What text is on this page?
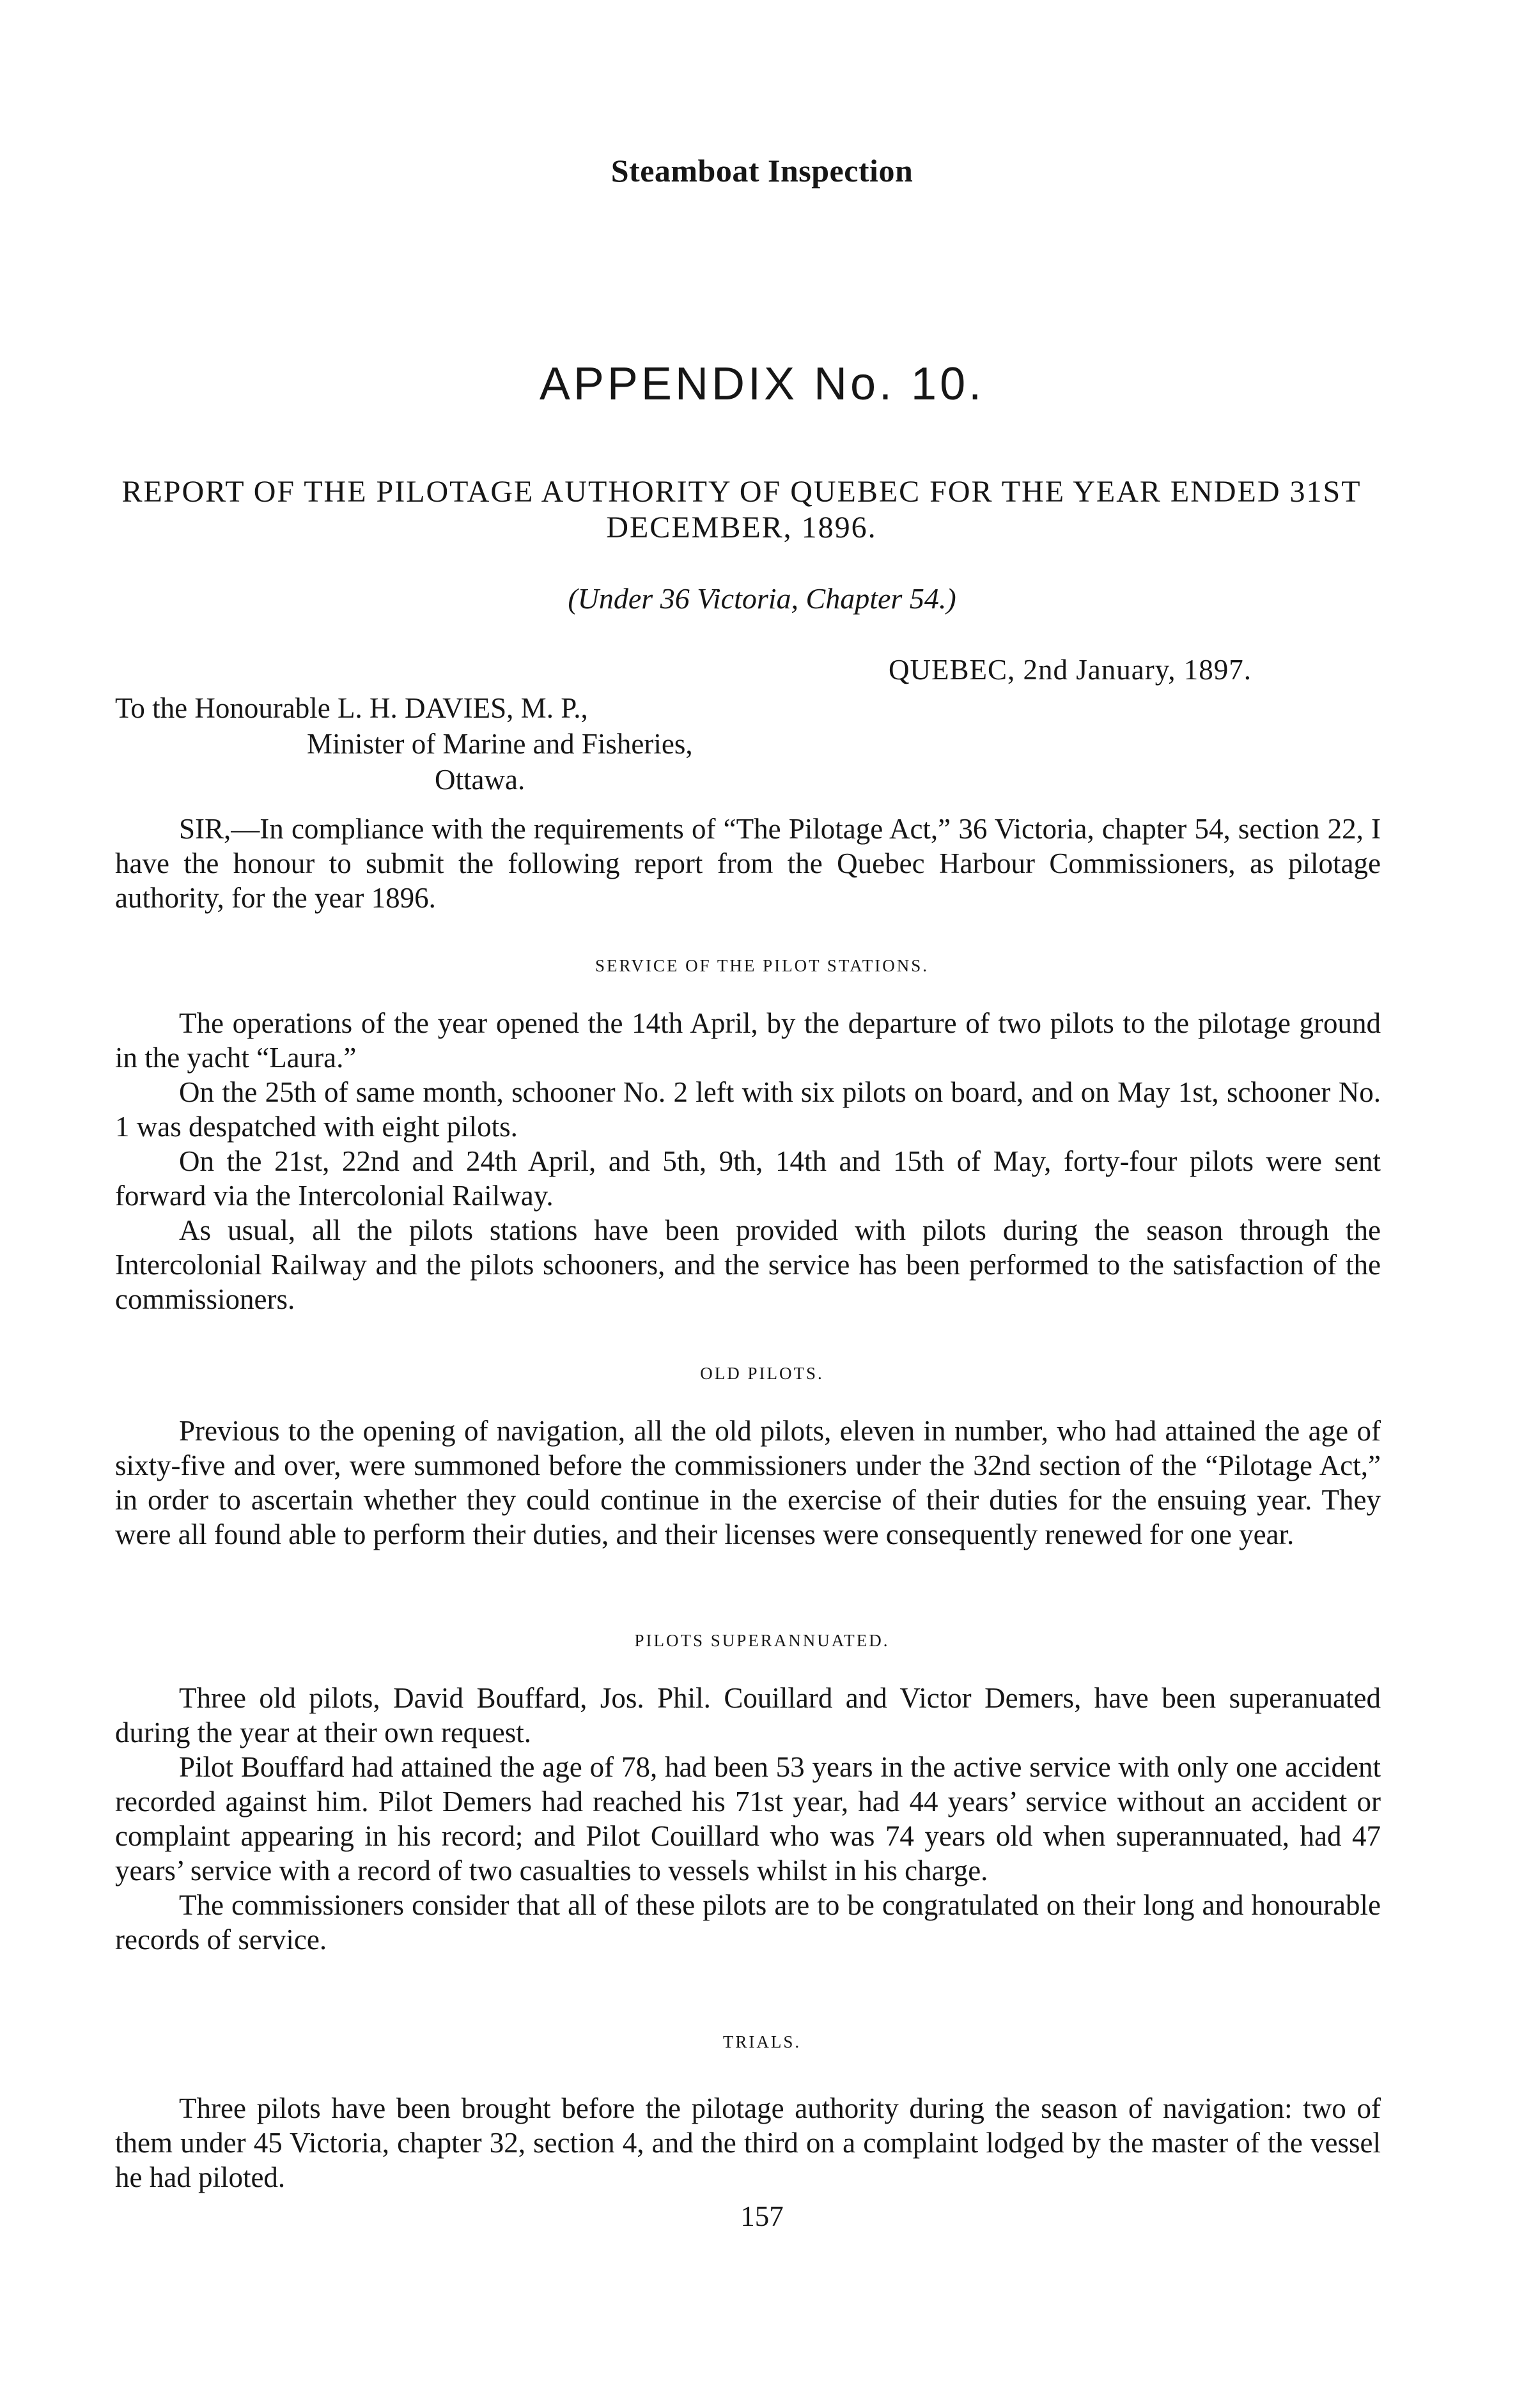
Steamboat Inspection

APPENDIX No. 10.

REPORT OF THE PILOTAGE AUTHORITY OF QUEBEC FOR THE YEAR ENDED 31ST DECEMBER, 1896.

(Under 36 Victoria, Chapter 54.)

QUEBEC, 2nd January, 1897.

To the Honourable L. H. DAVIES, M. P.,
Minister of Marine and Fisheries,
Ottawa.

SIR,—In compliance with the requirements of “The Pilotage Act,” 36 Victoria, chapter 54, section 22, I have the honour to submit the following report from the Quebec Harbour Commissioners, as pilotage authority, for the year 1896.

SERVICE OF THE PILOT STATIONS.

The operations of the year opened the 14th April, by the departure of two pilots to the pilotage ground in the yacht “Laura.”

On the 25th of same month, schooner No. 2 left with six pilots on board, and on May 1st, schooner No. 1 was despatched with eight pilots.

On the 21st, 22nd and 24th April, and 5th, 9th, 14th and 15th of May, forty-four pilots were sent forward via the Intercolonial Railway.

As usual, all the pilots stations have been provided with pilots during the season through the Intercolonial Railway and the pilots schooners, and the service has been performed to the satisfaction of the commissioners.

OLD PILOTS.

Previous to the opening of navigation, all the old pilots, eleven in number, who had attained the age of sixty-five and over, were summoned before the commissioners under the 32nd section of the “Pilotage Act,” in order to ascertain whether they could continue in the exercise of their duties for the ensuing year. They were all found able to perform their duties, and their licenses were consequently renewed for one year.

PILOTS SUPERANNUATED.

Three old pilots, David Bouffard, Jos. Phil. Couillard and Victor Demers, have been superanuated during the year at their own request.

Pilot Bouffard had attained the age of 78, had been 53 years in the active service with only one accident recorded against him. Pilot Demers had reached his 71st year, had 44 years’ service without an accident or complaint appearing in his record; and Pilot Couillard who was 74 years old when superannuated, had 47 years’ service with a record of two casualties to vessels whilst in his charge.

The commissioners consider that all of these pilots are to be congratulated on their long and honourable records of service.

TRIALS.

Three pilots have been brought before the pilotage authority during the season of navigation: two of them under 45 Victoria, chapter 32, section 4, and the third on a complaint lodged by the master of the vessel he had piloted.

157
